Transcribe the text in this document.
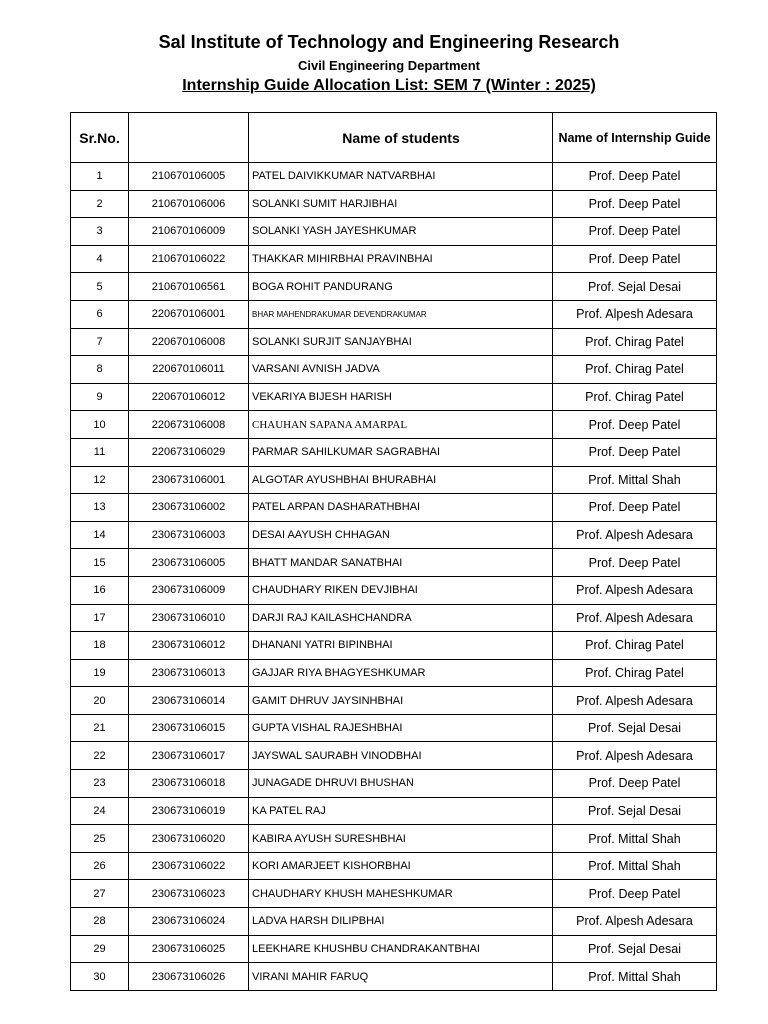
Sal Institute of Technology and Engineering Research
Civil Engineering Department
Internship Guide Allocation List: SEM 7 (Winter : 2025)
Sr.No.		Name of students	Name of Internship Guide
1	210670106005	PATEL DAIVIKKUMAR NATVARBHAI	Prof. Deep Patel
2	210670106006	SOLANKI SUMIT HARJIBHAI	Prof. Deep Patel
3	210670106009	SOLANKI YASH JAYESHKUMAR	Prof. Deep Patel
4	210670106022	THAKKAR MIHIRBHAI PRAVINBHAI	Prof. Deep Patel
5	210670106561	BOGA ROHIT PANDURANG	Prof. Sejal Desai
6	220670106001	BHAR MAHENDRAKUMAR DEVENDRAKUMAR	Prof. Alpesh Adesara
7	220670106008	SOLANKI SURJIT SANJAYBHAI	Prof. Chirag Patel
8	220670106011	VARSANI AVNISH JADVA	Prof. Chirag Patel
9	220670106012	VEKARIYA BIJESH HARISH	Prof. Chirag Patel
10	220673106008	CHAUHAN SAPANA AMARPAL	Prof. Deep Patel
11	220673106029	PARMAR SAHILKUMAR SAGRABHAI	Prof. Deep Patel
12	230673106001	ALGOTAR AYUSHBHAI BHURABHAI	Prof. Mittal Shah
13	230673106002	PATEL ARPAN DASHARATHBHAI	Prof. Deep Patel
14	230673106003	DESAI AAYUSH CHHAGAN	Prof. Alpesh Adesara
15	230673106005	BHATT MANDAR SANATBHAI	Prof. Deep Patel
16	230673106009	CHAUDHARY RIKEN DEVJIBHAI	Prof. Alpesh Adesara
17	230673106010	DARJI RAJ KAILASHCHANDRA	Prof. Alpesh Adesara
18	230673106012	DHANANI YATRI BIPINBHAI	Prof. Chirag Patel
19	230673106013	GAJJAR RIYA BHAGYESHKUMAR	Prof. Chirag Patel
20	230673106014	GAMIT DHRUV JAYSINHBHAI	Prof. Alpesh Adesara
21	230673106015	GUPTA VISHAL RAJESHBHAI	Prof. Sejal Desai
22	230673106017	JAYSWAL SAURABH VINODBHAI	Prof. Alpesh Adesara
23	230673106018	JUNAGADE DHRUVI BHUSHAN	Prof. Deep Patel
24	230673106019	KA PATEL RAJ	Prof. Sejal Desai
25	230673106020	KABIRA AYUSH SURESHBHAI	Prof. Mittal Shah
26	230673106022	KORI AMARJEET KISHORBHAI	Prof. Mittal Shah
27	230673106023	CHAUDHARY KHUSH MAHESHKUMAR	Prof. Deep Patel
28	230673106024	LADVA HARSH DILIPBHAI	Prof. Alpesh Adesara
29	230673106025	LEEKHARE KHUSHBU CHANDRAKANTBHAI	Prof. Sejal Desai
30	230673106026	VIRANI MAHIR FARUQ	Prof. Mittal Shah
